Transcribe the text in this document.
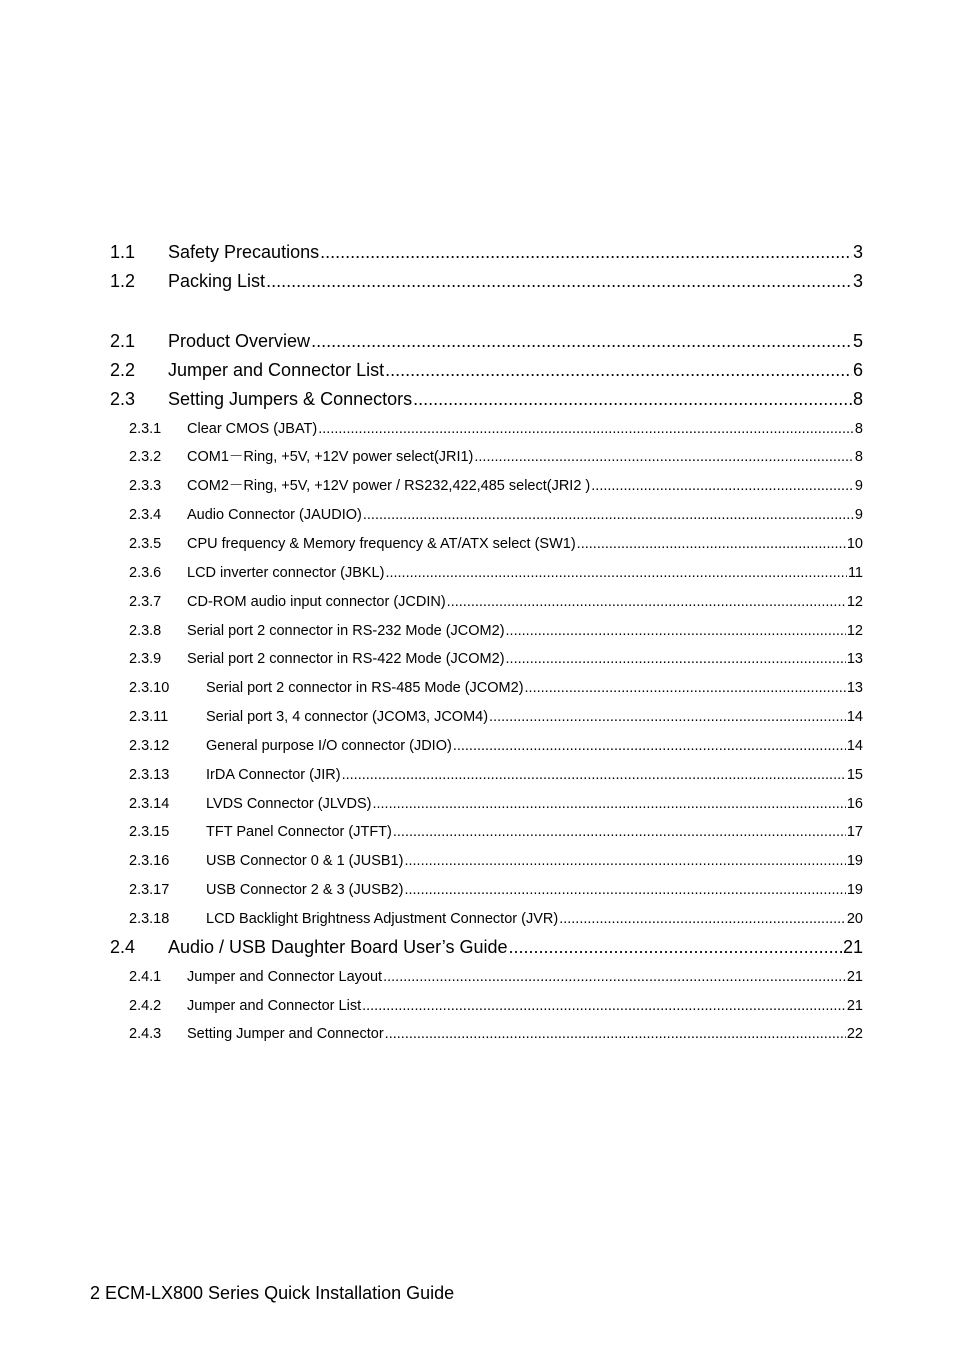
1.1	Safety Precautions .....	3
1.2	Packing List .....	3
2.1	Product Overview .....	5
2.2	Jumper and Connector List .....	6
2.3	Setting Jumpers & Connectors .....	8
2.3.1	Clear CMOS (JBAT) .....	8
2.3.2	COM1－Ring, +5V, +12V power select(JRI1) .....	8
2.3.3	COM2－Ring, +5V, +12V power / RS232,422,485 select(JRI2 ) .....	9
2.3.4	Audio Connector (JAUDIO) .....	9
2.3.5	CPU frequency & Memory frequency & AT/ATX select (SW1) .....	10
2.3.6	LCD inverter connector (JBKL) .....	11
2.3.7	CD-ROM audio input connector (JCDIN) .....	12
2.3.8	Serial port 2 connector in RS-232 Mode (JCOM2) .....	12
2.3.9	Serial port 2 connector in RS-422 Mode (JCOM2) .....	13
2.3.10	Serial port 2 connector in RS-485 Mode (JCOM2) .....	13
2.3.11	Serial port 3, 4 connector (JCOM3, JCOM4) .....	14
2.3.12	General purpose I/O connector (JDIO) .....	14
2.3.13	IrDA Connector (JIR) .....	15
2.3.14	LVDS Connector (JLVDS) .....	16
2.3.15	TFT Panel Connector (JTFT) .....	17
2.3.16	USB Connector 0 & 1 (JUSB1) .....	19
2.3.17	USB Connector 2 & 3 (JUSB2) .....	19
2.3.18	LCD Backlight Brightness Adjustment Connector (JVR) .....	20
2.4	Audio / USB Daughter Board User’s Guide .....	21
2.4.1	Jumper and Connector Layout .....	21
2.4.2	Jumper and Connector List .....	21
2.4.3	Setting Jumper and Connector .....	22
2 ECM-LX800 Series Quick Installation Guide
